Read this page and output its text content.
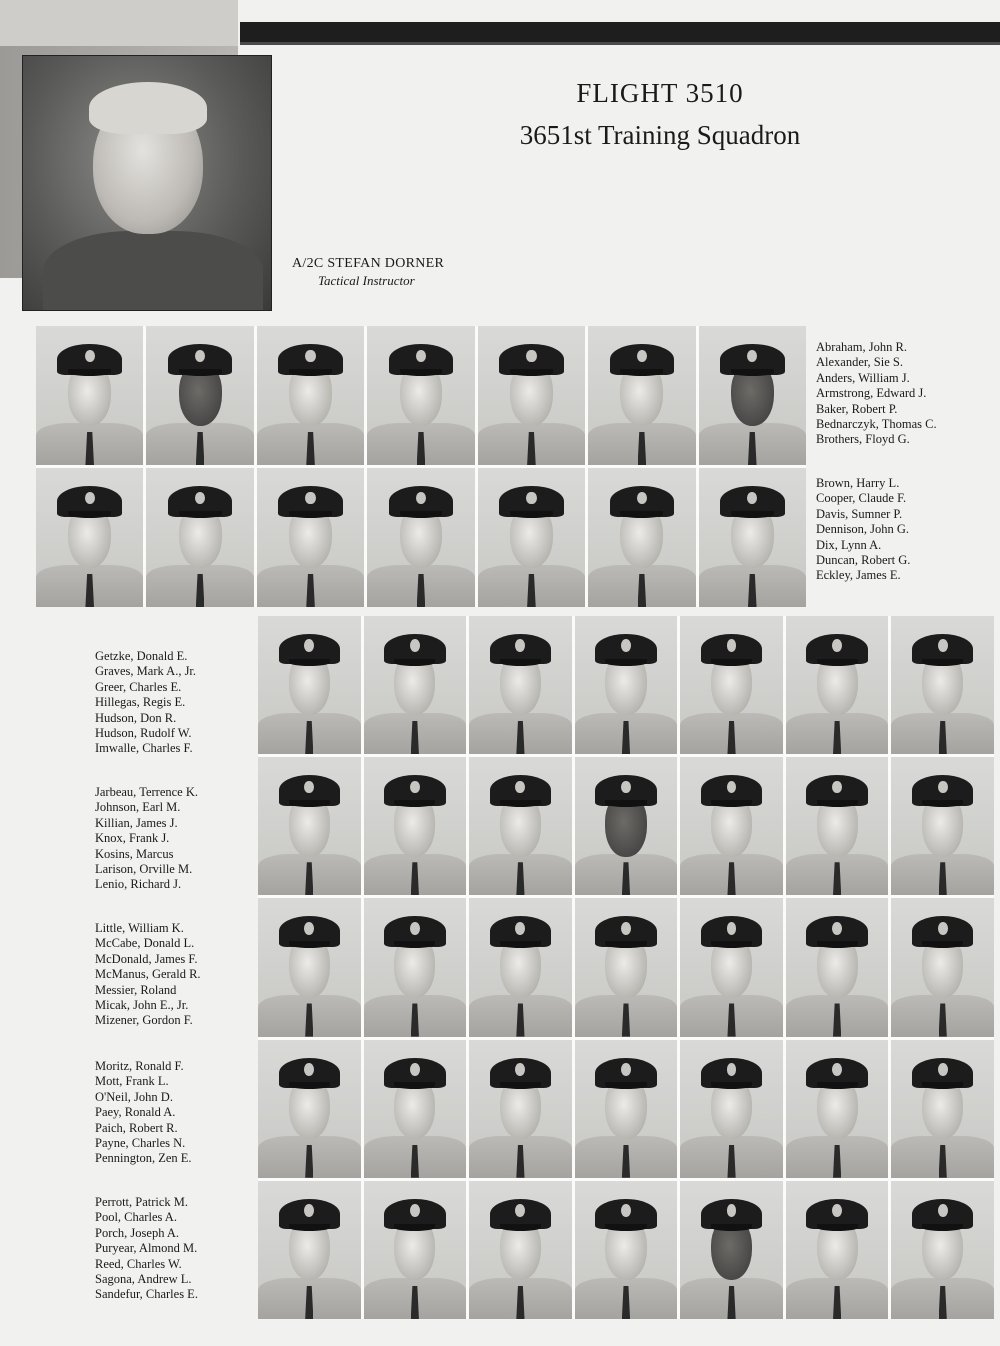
FLIGHT 3510
3651st Training Squadron
A/2C STEFAN DORNER
Tactical Instructor
Abraham, John R.
Alexander, Sie S.
Anders, William J.
Armstrong, Edward J.
Baker, Robert P.
Bednarczyk, Thomas C.
Brothers, Floyd G.
Brown, Harry L.
Cooper, Claude F.
Davis, Sumner P.
Dennison, John G.
Dix, Lynn A.
Duncan, Robert G.
Eckley, James E.
Getzke, Donald E.
Graves, Mark A., Jr.
Greer, Charles E.
Hillegas, Regis E.
Hudson, Don R.
Hudson, Rudolf W.
Imwalle, Charles F.
Jarbeau, Terrence K.
Johnson, Earl M.
Killian, James J.
Knox, Frank J.
Kosins, Marcus
Larison, Orville M.
Lenio, Richard J.
Little, William K.
McCabe, Donald L.
McDonald, James F.
McManus, Gerald R.
Messier, Roland
Micak, John E., Jr.
Mizener, Gordon F.
Moritz, Ronald F.
Mott, Frank L.
O'Neil, John D.
Paey, Ronald A.
Paich, Robert R.
Payne, Charles N.
Pennington, Zen E.
Perrott, Patrick M.
Pool, Charles A.
Porch, Joseph A.
Puryear, Almond M.
Reed, Charles W.
Sagona, Andrew L.
Sandefur, Charles E.
